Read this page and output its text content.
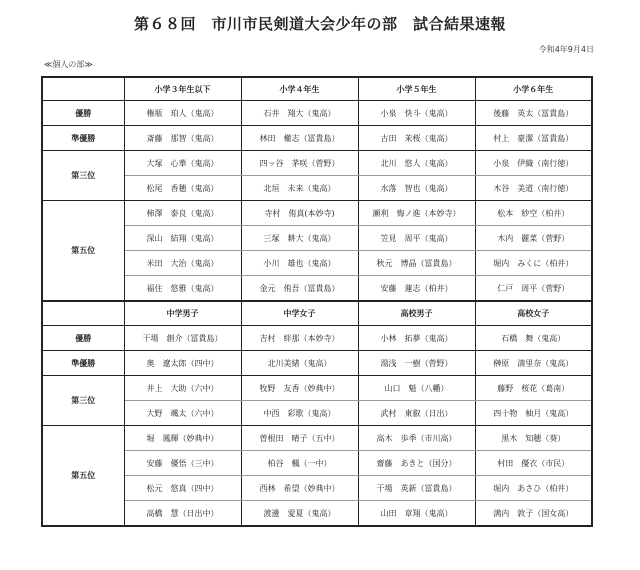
第６８回　市川市民剣道大会少年の部　試合結果速報
令和4年9月4日
≪個人の部≫
	小学３年生以下	小学４年生	小学５年生	小学６年生
優勝	権瓶　珀人（鬼高）	石井　翔大（鬼高）	小泉　快斗（鬼高）	後藤　英太（冨貴島）
準優勝	斎藤　那智（鬼高）	林田　權志（冨貴島）	古田　茉桜（鬼高）	村上　豪潔（冨貴島）
第三位	大塚　心華（鬼高）	四ッ谷　茅咲（菅野）	北川　悠人（鬼高）	小泉　伊織（南行徳）
	松尾　香穂（鬼高）	北垣　未来（鬼高）	水落　智也（鬼高）	木谷　美道（南行徳）
第五位	柿澤　泰良（鬼高）	寺村　侑真(本妙寺)	瀬利　悔ノ進（本妙寺）	松本　紗空（柏井）
	深山　結翔（鬼高）	三塚　耕大（鬼高）	笠見　周平（鬼高）	木内　麗菜（菅野）
	米田　大治（鬼高）	小川　雄也（鬼高）	秋元　博晶（冨貴島）	堀内　みくに（柏井）
	福住　悠雅（鬼高）	金元　侑吾（冨貴島）	安藤　蓮志（柏井）	仁戸　周平（菅野）
	中学男子	中学女子	高校男子	高校女子
優勝	干場　創介（冨貴島）	吉村　絆那（本妙寺）	小林　拓夢（鬼高）	石橋　舞（鬼高）
準優勝	奥　遼太郎（四中）	北川美緒（鬼高）	湯浅　一樹（菅野）	榊原　満里奈（鬼高）
第三位	井上　大助（六中）	牧野　友香（妙典中）	山口　魁（八幡）	藤野　桜花（葛南）
	大野　颯太（六中）	中西　彩歌（鬼高）	武村　東叡（日出）	四十物　柚月（鬼高）
第五位	堀　鳳輝（妙典中）	曽根田　晴子（五中）	高木　歩季（市川高）	黒木　知穂（葵）
	安藤　優悟（三中）	柏谷　楓（一中）	齋藤　あきと（国分）	村田　優衣（市民）
	松元　悠真（四中）	西林　希望（妙典中）	干場　英新（冨貴島）	堀内　あさひ（柏井）
	高橋　慧（日出中）	渡邊　愛夏（鬼高）	山田　章翔（鬼高）	满内　敦子（国女高）
